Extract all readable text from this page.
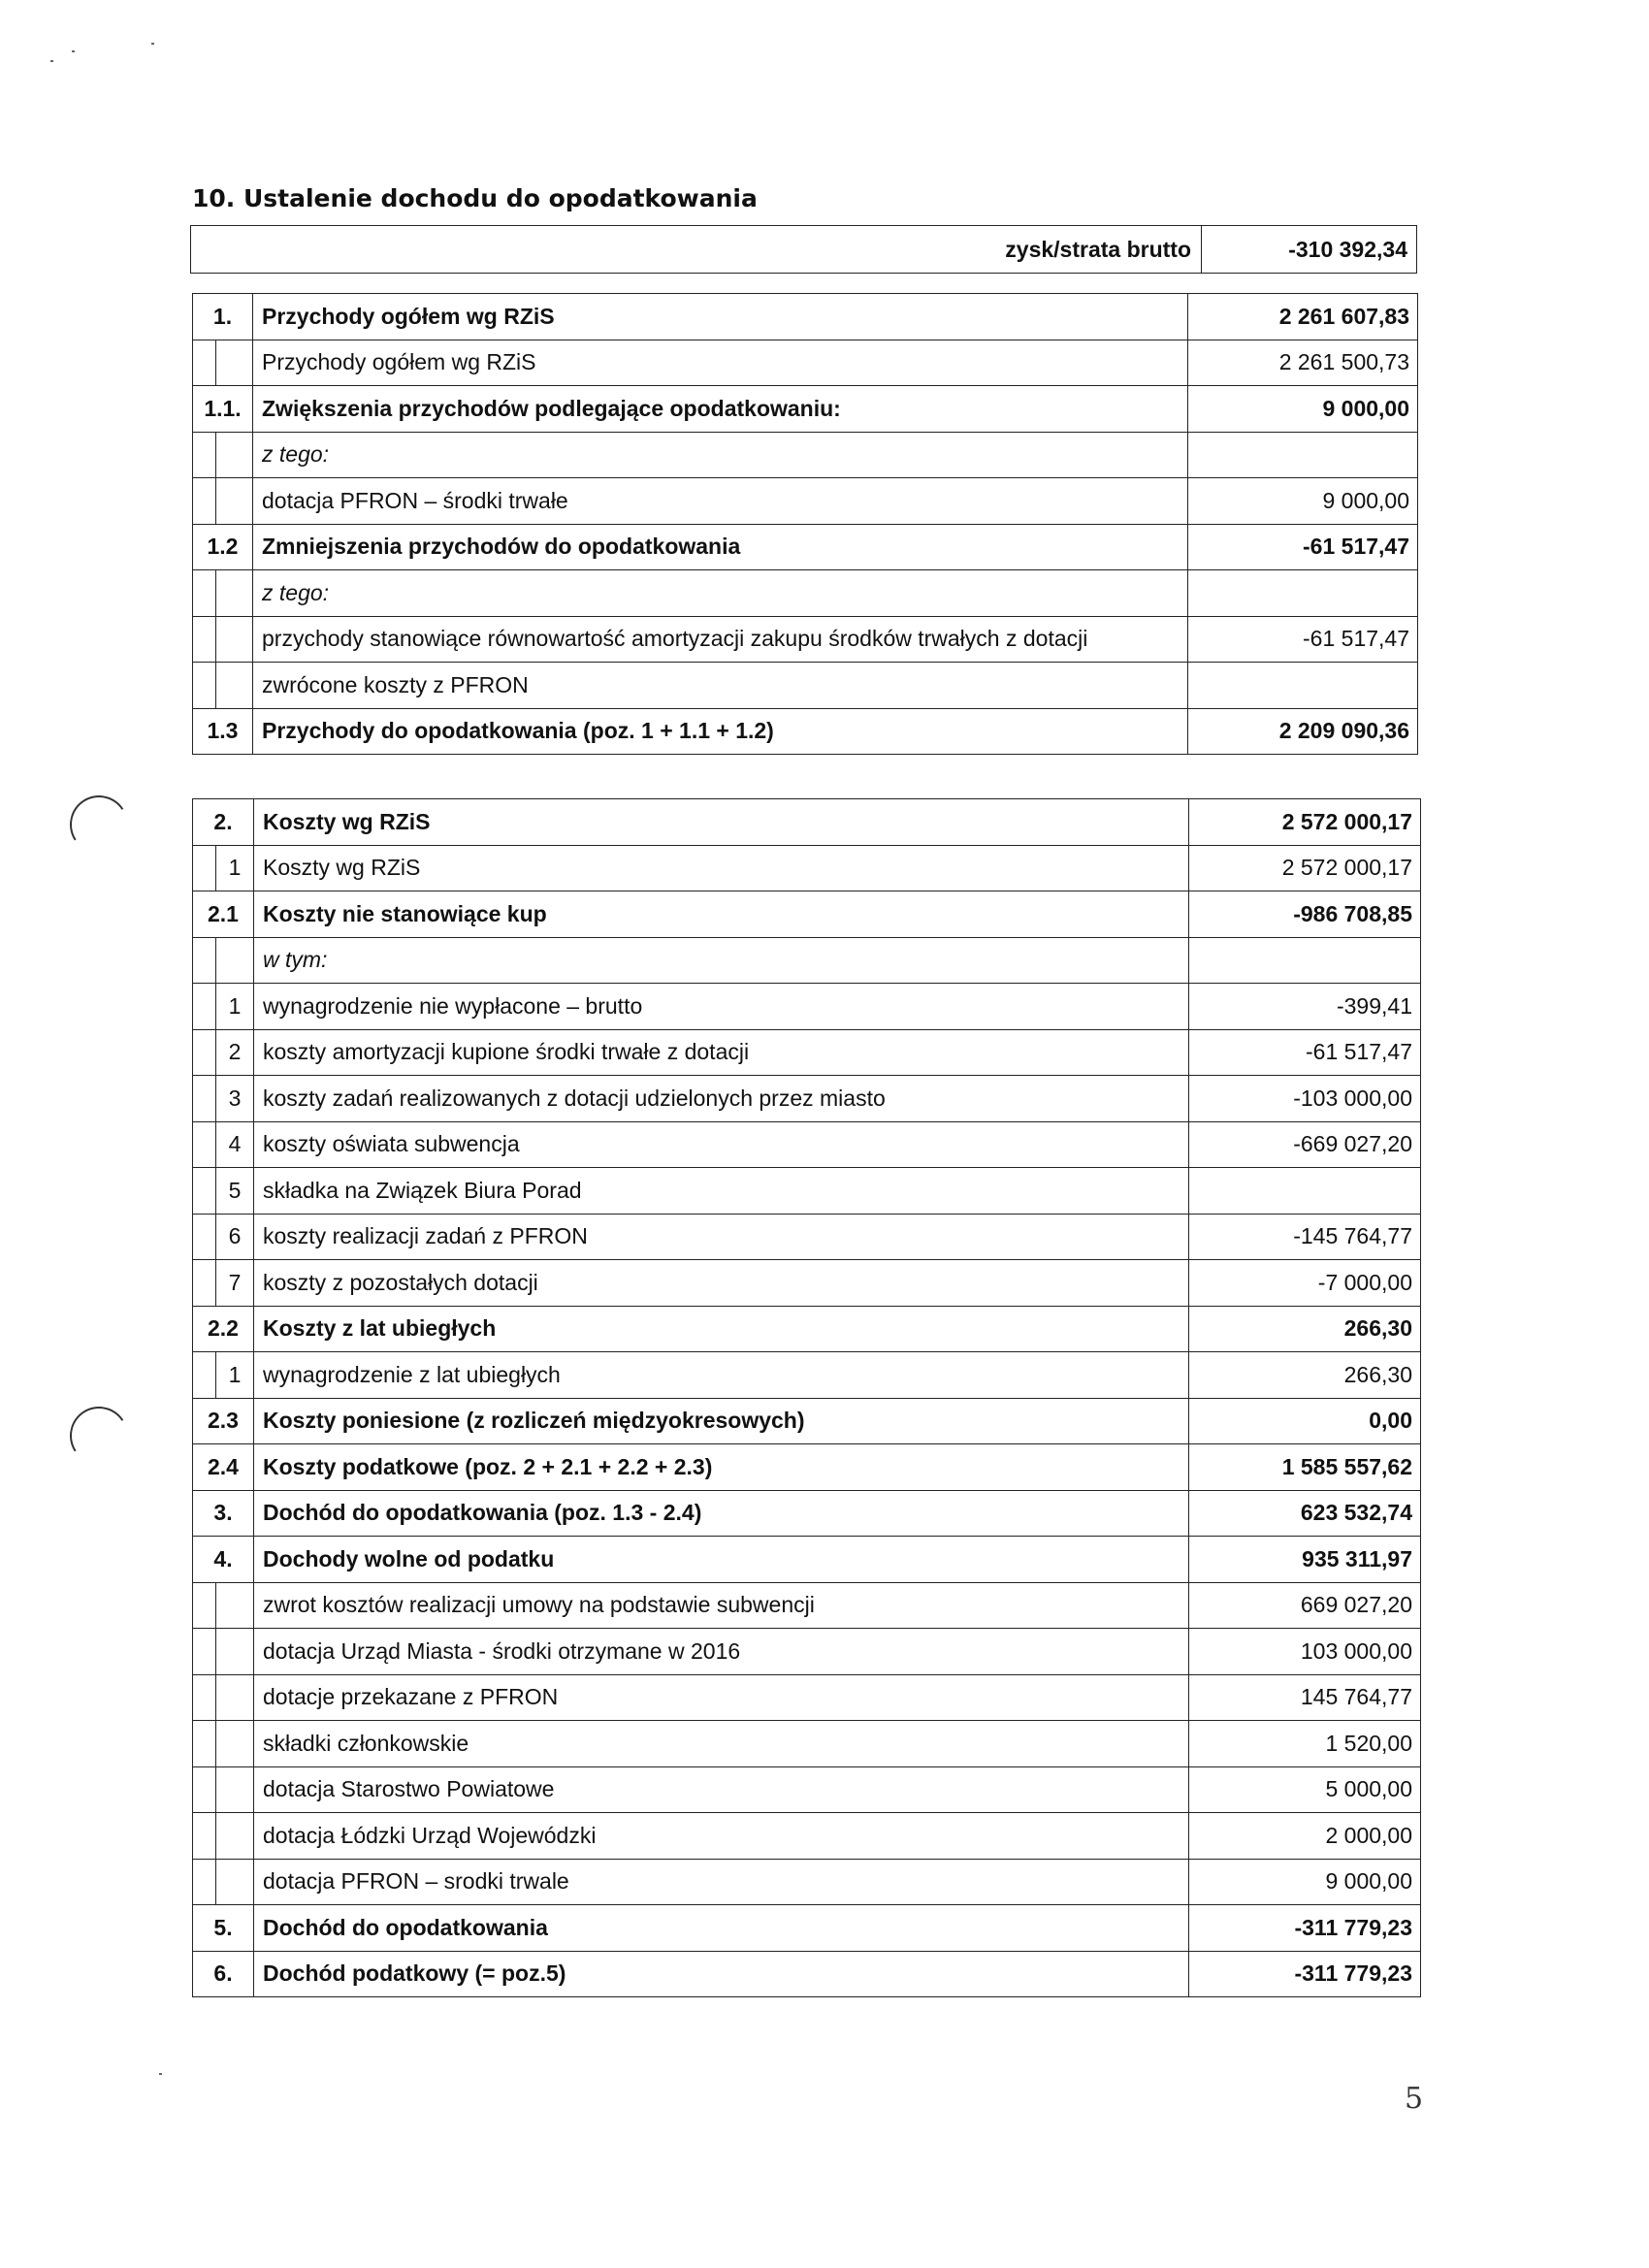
10. Ustalenie dochodu do opodatkowania
zysk/strata brutto	-310 392,34
1.		Przychody ogółem wg RZiS	2 261 607,83
		Przychody ogółem wg RZiS	2 261 500,73
1.1.		Zwiększenia przychodów podlegające opodatkowaniu:	9 000,00
		z tego:	
		dotacja PFRON – środki trwałe	9 000,00
1.2		Zmniejszenia przychodów do opodatkowania	-61 517,47
		z tego:	
		przychody stanowiące równowartość amortyzacji zakupu środków trwałych z dotacji	-61 517,47
		zwrócone koszty z PFRON	
1.3		Przychody do opodatkowania (poz. 1 + 1.1 + 1.2)	2 209 090,36
2.		Koszty wg RZiS	2 572 000,17
	1	Koszty wg RZiS	2 572 000,17
2.1		Koszty nie stanowiące kup	-986 708,85
		w tym:	
	1	wynagrodzenie nie wypłacone – brutto	-399,41
	2	koszty amortyzacji kupione środki trwałe z dotacji	-61 517,47
	3	koszty zadań realizowanych z dotacji udzielonych przez miasto	-103 000,00
	4	koszty oświata subwencja	-669 027,20
	5	składka na Związek Biura Porad	
	6	koszty realizacji zadań z PFRON	-145 764,77
	7	koszty z pozostałych dotacji	-7 000,00
2.2		Koszty z lat ubiegłych	266,30
	1	wynagrodzenie z lat ubiegłych	266,30
2.3		Koszty poniesione (z rozliczeń międzyokresowych)	0,00
2.4		Koszty podatkowe (poz. 2 + 2.1 + 2.2 + 2.3)	1 585 557,62
3.		Dochód do opodatkowania (poz. 1.3 - 2.4)	623 532,74
4.		Dochody wolne od podatku	935 311,97
		zwrot kosztów realizacji umowy na podstawie subwencji	669 027,20
		dotacja Urząd Miasta - środki otrzymane w 2016	103 000,00
		dotacje przekazane z PFRON	145 764,77
		składki członkowskie	1 520,00
		dotacja Starostwo Powiatowe	5 000,00
		dotacja Łódzki Urząd Wojewódzki	2 000,00
		dotacja PFRON – srodki trwale	9 000,00
5.		Dochód do opodatkowania	-311 779,23
6.		Dochód podatkowy (= poz.5)	-311 779,23
5
